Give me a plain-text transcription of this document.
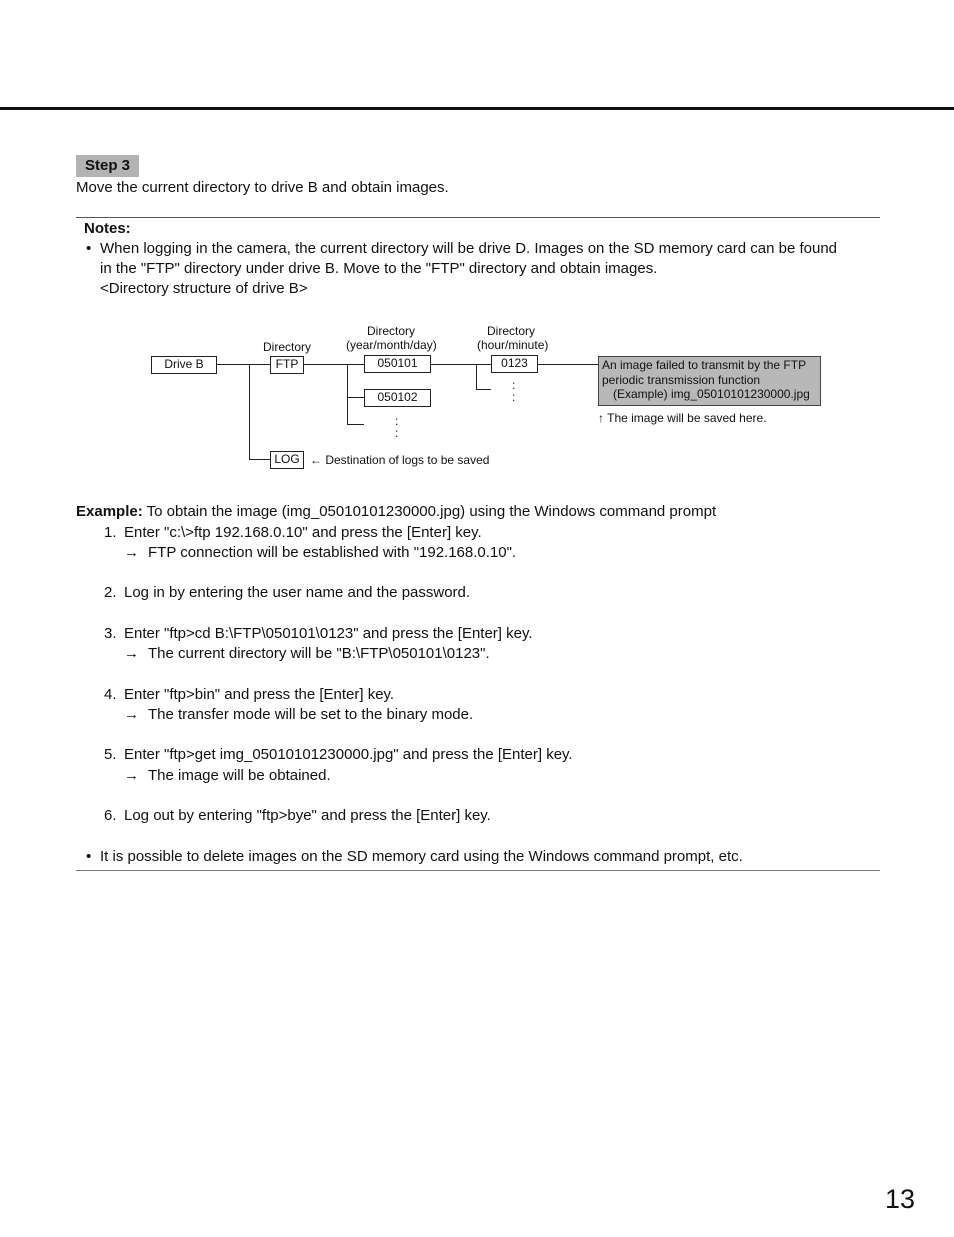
Step 3
Move the current directory to drive B and obtain images.
Notes:
• When logging in the camera, the current directory will be drive D. Images on the SD memory card can be found
in the "FTP" directory under drive B. Move to the "FTP" directory and obtain images.
<Directory structure of drive B>
Directory
Directory
(year/month/day)
Directory
(hour/minute)
Drive B	FTP	050101
050102
0123
LOG
:
:
:
:
An image failed to transmit by the FTP
periodic transmission function
(Example) img_05010101230000.jpg
↑ The image will be saved here.
← Destination of logs to be saved
Example: To obtain the image (img_05010101230000.jpg) using the Windows command prompt
1. Enter "c:\>ftp 192.168.0.10" and press the [Enter] key.
→ FTP connection will be established with "192.168.0.10".
2. Log in by entering the user name and the password.
3. Enter "ftp>cd B:\FTP\050101\0123" and press the [Enter] key.
→ The current directory will be "B:\FTP\050101\0123".
4. Enter "ftp>bin" and press the [Enter] key.
→ The transfer mode will be set to the binary mode.
5. Enter "ftp>get img_05010101230000.jpg" and press the [Enter] key.
→ The image will be obtained.
6. Log out by entering "ftp>bye" and press the [Enter] key.
• It is possible to delete images on the SD memory card using the Windows command prompt, etc.
13
